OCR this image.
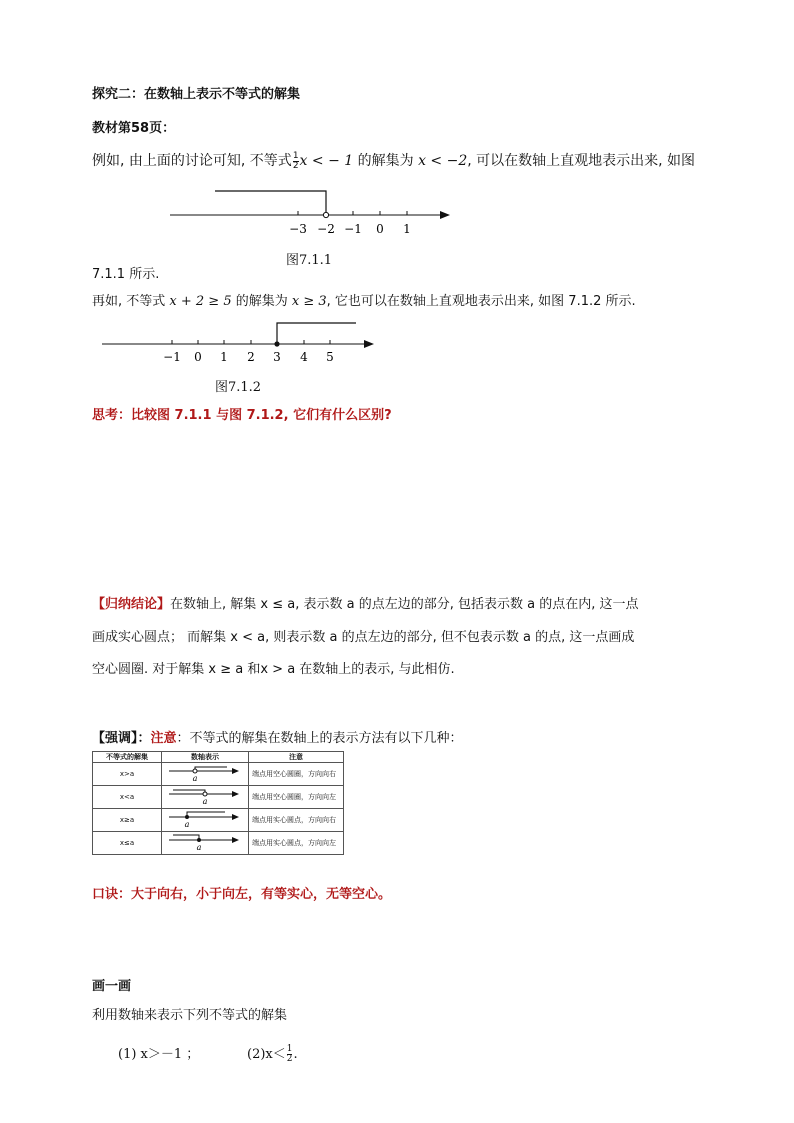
探究二：在数轴上表示不等式的解集
教材第58页：
例如, 由上面的讨论可知, 不等式 $\frac{1}{2}$ x < − 1 的解集为 x < −2, 可以在数轴上直观地表示出来, 如图
−3 −2 −1 0 1
图7.1.1
7.1.1 所示.
再如, 不等式 x + 2 ≥ 5 的解集为 x ≥ 3, 它也可以在数轴上直观地表示出来, 如图 7.1.2 所示.
−1 0 1 2 3 4 5
图7.1.2
思考：比较图 7.1.1 与图 7.1.2, 它们有什么区别?
【归纳结论】在数轴上, 解集 x ≤ a, 表示数 a 的点左边的部分, 包括表示数 a 的点在内, 这一点
画成实心圆点； 而解集 x < a, 则表示数 a 的点左边的部分, 但不包表示数 a 的点, 这一点画成
空心圆圈. 对于解集 x ≥ a 和x > a 在数轴上的表示, 与此相仿.
【强调】：注意：不等式的解集在数轴上的表示方法有以下几种：
不等式的解集	数轴表示	注意
x>a	a	端点用空心圆圈，方向向右

x<a	a	端点用空心圆圈，方向向左

x≥a	a	端点用实心圆点，方向向右

x≤a	a	端点用实心圆点，方向向左
口诀：大于向右，小于向左，有等实心，无等空心。
画一画
利用数轴来表示下列不等式的解集
(1) x＞－1 ；	$(2)x< \frac{1}{2}$ .
